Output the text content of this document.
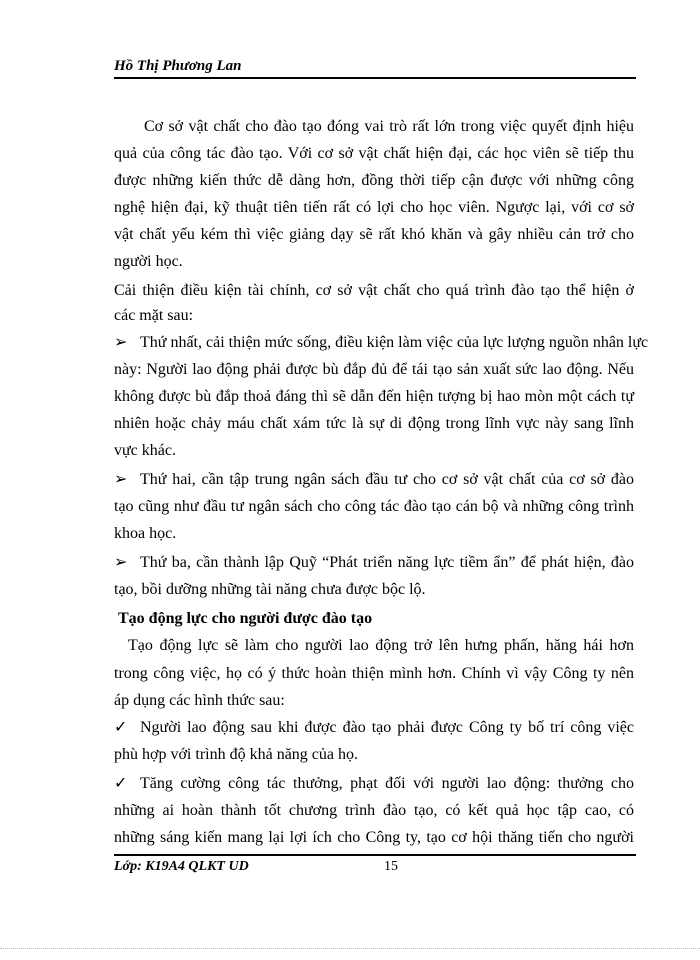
Hồ Thị Phương Lan
Cơ sở vật chất cho đào tạo đóng vai trò rất lớn trong việc quyết định hiệu
quả của công tác đào tạo. Với cơ sở vật chất hiện đại, các học viên sẽ tiếp thu
được những kiến thức dễ dàng hơn, đồng thời tiếp cận được với những công
nghệ hiện đại, kỹ thuật tiên tiến rất có lợi cho học viên. Ngược lại, với cơ sở
vật chất yếu kém thì việc giảng dạy sẽ rất khó khăn và gây nhiều cản trở cho
người học.
Cải thiện điều kiện tài chính, cơ sở vật chất cho quá trình đào tạo thể hiện ở
các mặt sau:
➢ Thứ nhất, cải thiện mức sống, điều kiện làm việc của lực lượng nguồn nhân lực
này: Người lao động phải được bù đắp đủ để tái tạo sản xuất sức lao động. Nếu
không được bù đắp thoả đáng thì sẽ dẫn đến hiện tượng bị hao mòn một cách tự
nhiên hoặc chảy máu chất xám tức là sự di động trong lĩnh vực này sang lĩnh
vực khác.
➢ Thứ hai, cần tập trung ngân sách đầu tư cho cơ sở vật chất của cơ sở đào
tạo cũng như đầu tư ngân sách cho công tác đào tạo cán bộ và những công trình
khoa học.
➢ Thứ ba, cần thành lập Quỹ “Phát triển năng lực tiềm ẩn” để phát hiện, đào
tạo, bồi dưỡng những tài năng chưa được bộc lộ.
Tạo động lực cho người được đào tạo
Tạo động lực sẽ làm cho người lao động trở lên hưng phấn, hăng hái hơn
trong công việc, họ có ý thức hoàn thiện mình hơn. Chính vì vậy Công ty nên
áp dụng các hình thức sau:
✓ Người lao động sau khi được đào tạo phải được Công ty bố trí công việc
phù hợp với trình độ khả năng của họ.
✓ Tăng cường công tác thưởng, phạt đối với người lao động: thưởng cho
những ai hoàn thành tốt chương trình đào tạo, có kết quả học tập cao, có
những sáng kiến mang lại lợi ích cho Công ty, tạo cơ hội thăng tiến cho người
Lớp: K19A4 QLKT UD	15
